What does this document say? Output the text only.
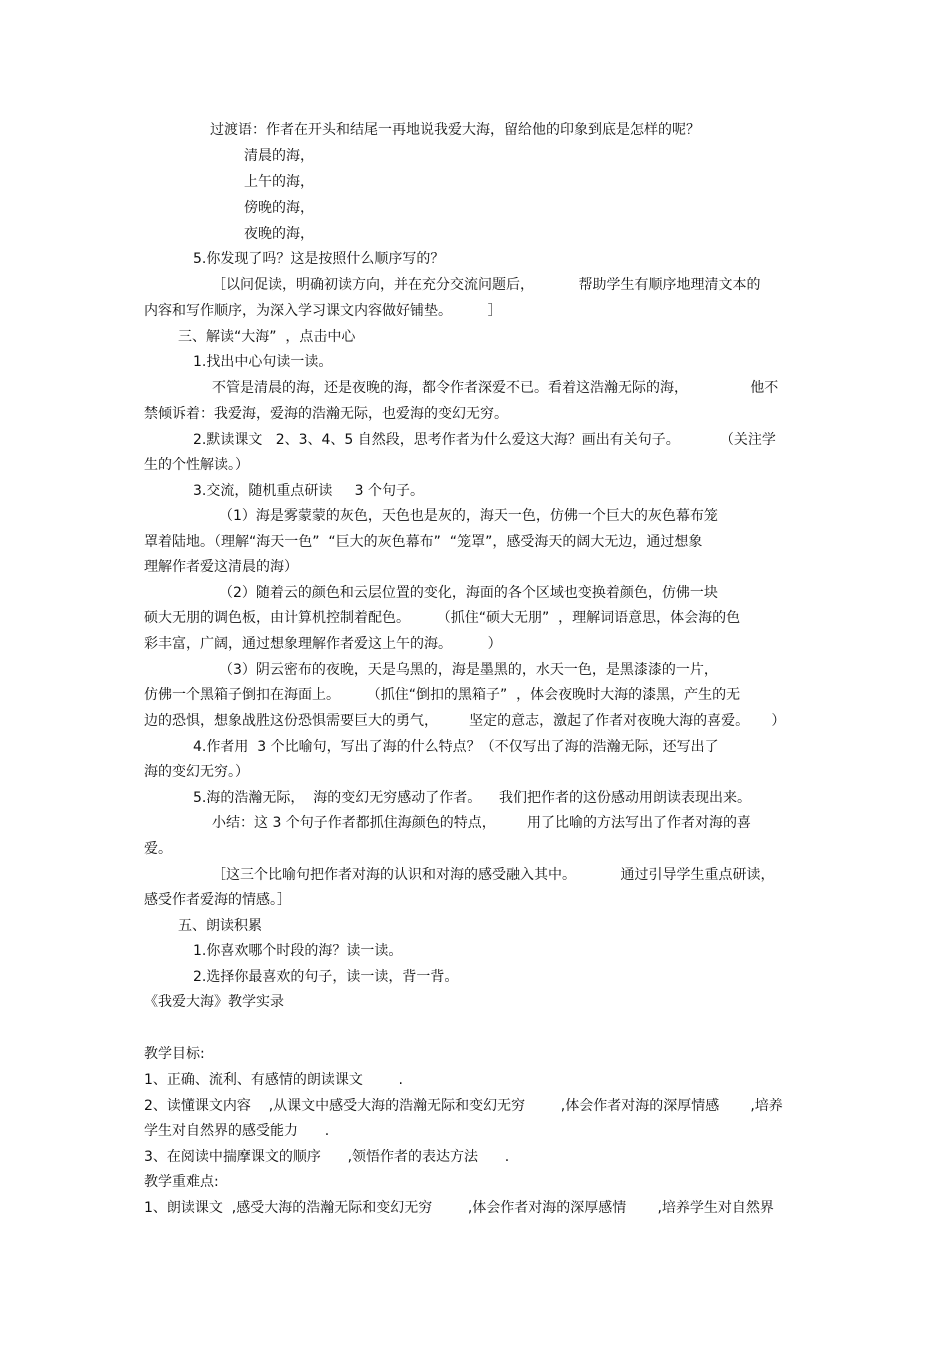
过渡语：作者在开头和结尾一再地说我爱大海，留给他的印象到底是怎样的呢？
清晨的海，
上午的海，
傍晚的海，
夜晚的海，
5.你发现了吗？这是按照什么顺序写的？
［以问促读，明确初读方向，并在充分交流问题后，          帮助学生有顺序地理清文本的
内容和写作顺序，为深入学习课文内容做好铺垫。        ］
三、解读“大海”  ，点击中心
1.找出中心句读一读。
不管是清晨的海，还是夜晚的海，都令作者深爱不已。看着这浩瀚无际的海，              他不
禁倾诉着：我爱海，爱海的浩瀚无际，也爱海的变幻无穷。
2.默读课文   2、3、4、5 自然段，思考作者为什么爱这大海？画出有关句子。         （关注学
生的个性解读。）
3.交流，随机重点研读     3 个句子。
（1）海是雾蒙蒙的灰色，天色也是灰的，海天一色，仿佛一个巨大的灰色幕布笼
罩着陆地。（理解“海天一色”  “巨大的灰色幕布”  “笼罩”，感受海天的阔大无边，通过想象
理解作者爱这清晨的海）
（2）随着云的颜色和云层位置的变化，海面的各个区域也变换着颜色，仿佛一块
硕大无朋的调色板，由计算机控制着配色。      （抓住“硕大无朋”  ，理解词语意思，体会海的色
彩丰富，广阔，通过想象理解作者爱这上午的海。        ）
（3）阴云密布的夜晚，天是乌黑的，海是墨黑的，水天一色，是黑漆漆的一片，
仿佛一个黑箱子倒扣在海面上。      （抓住“倒扣的黑箱子”  ，体会夜晚时大海的漆黑，产生的无
边的恐惧，想象战胜这份恐惧需要巨大的勇气，       坚定的意志，激起了作者对夜晚大海的喜爱。     ）
4.作者用  3 个比喻句，写出了海的什么特点？（不仅写出了海的浩瀚无际，还写出了
海的变幻无穷。）
5.海的浩瀚无际，  海的变幻无穷感动了作者。    我们把作者的这份感动用朗读表现出来。
小结：这 3 个句子作者都抓住海颜色的特点，       用了比喻的方法写出了作者对海的喜
爱。
［这三个比喻句把作者对海的认识和对海的感受融入其中。          通过引导学生重点研读，
感受作者爱海的情感。］
五、朗读积累
1.你喜欢哪个时段的海？读一读。
2.选择你最喜欢的句子，读一读，背一背。
《我爱大海》教学实录
教学目标:
1、正确、流利、有感情的朗读课文        .
2、读懂课文内容    ,从课文中感受大海的浩瀚无际和变幻无穷        ,体会作者对海的深厚情感       ,培养
学生对自然界的感受能力      .
3、在阅读中揣摩课文的顺序      ,领悟作者的表达方法      .
教学重难点:
1、朗读课文  ,感受大海的浩瀚无际和变幻无穷        ,体会作者对海的深厚感情       ,培养学生对自然界
